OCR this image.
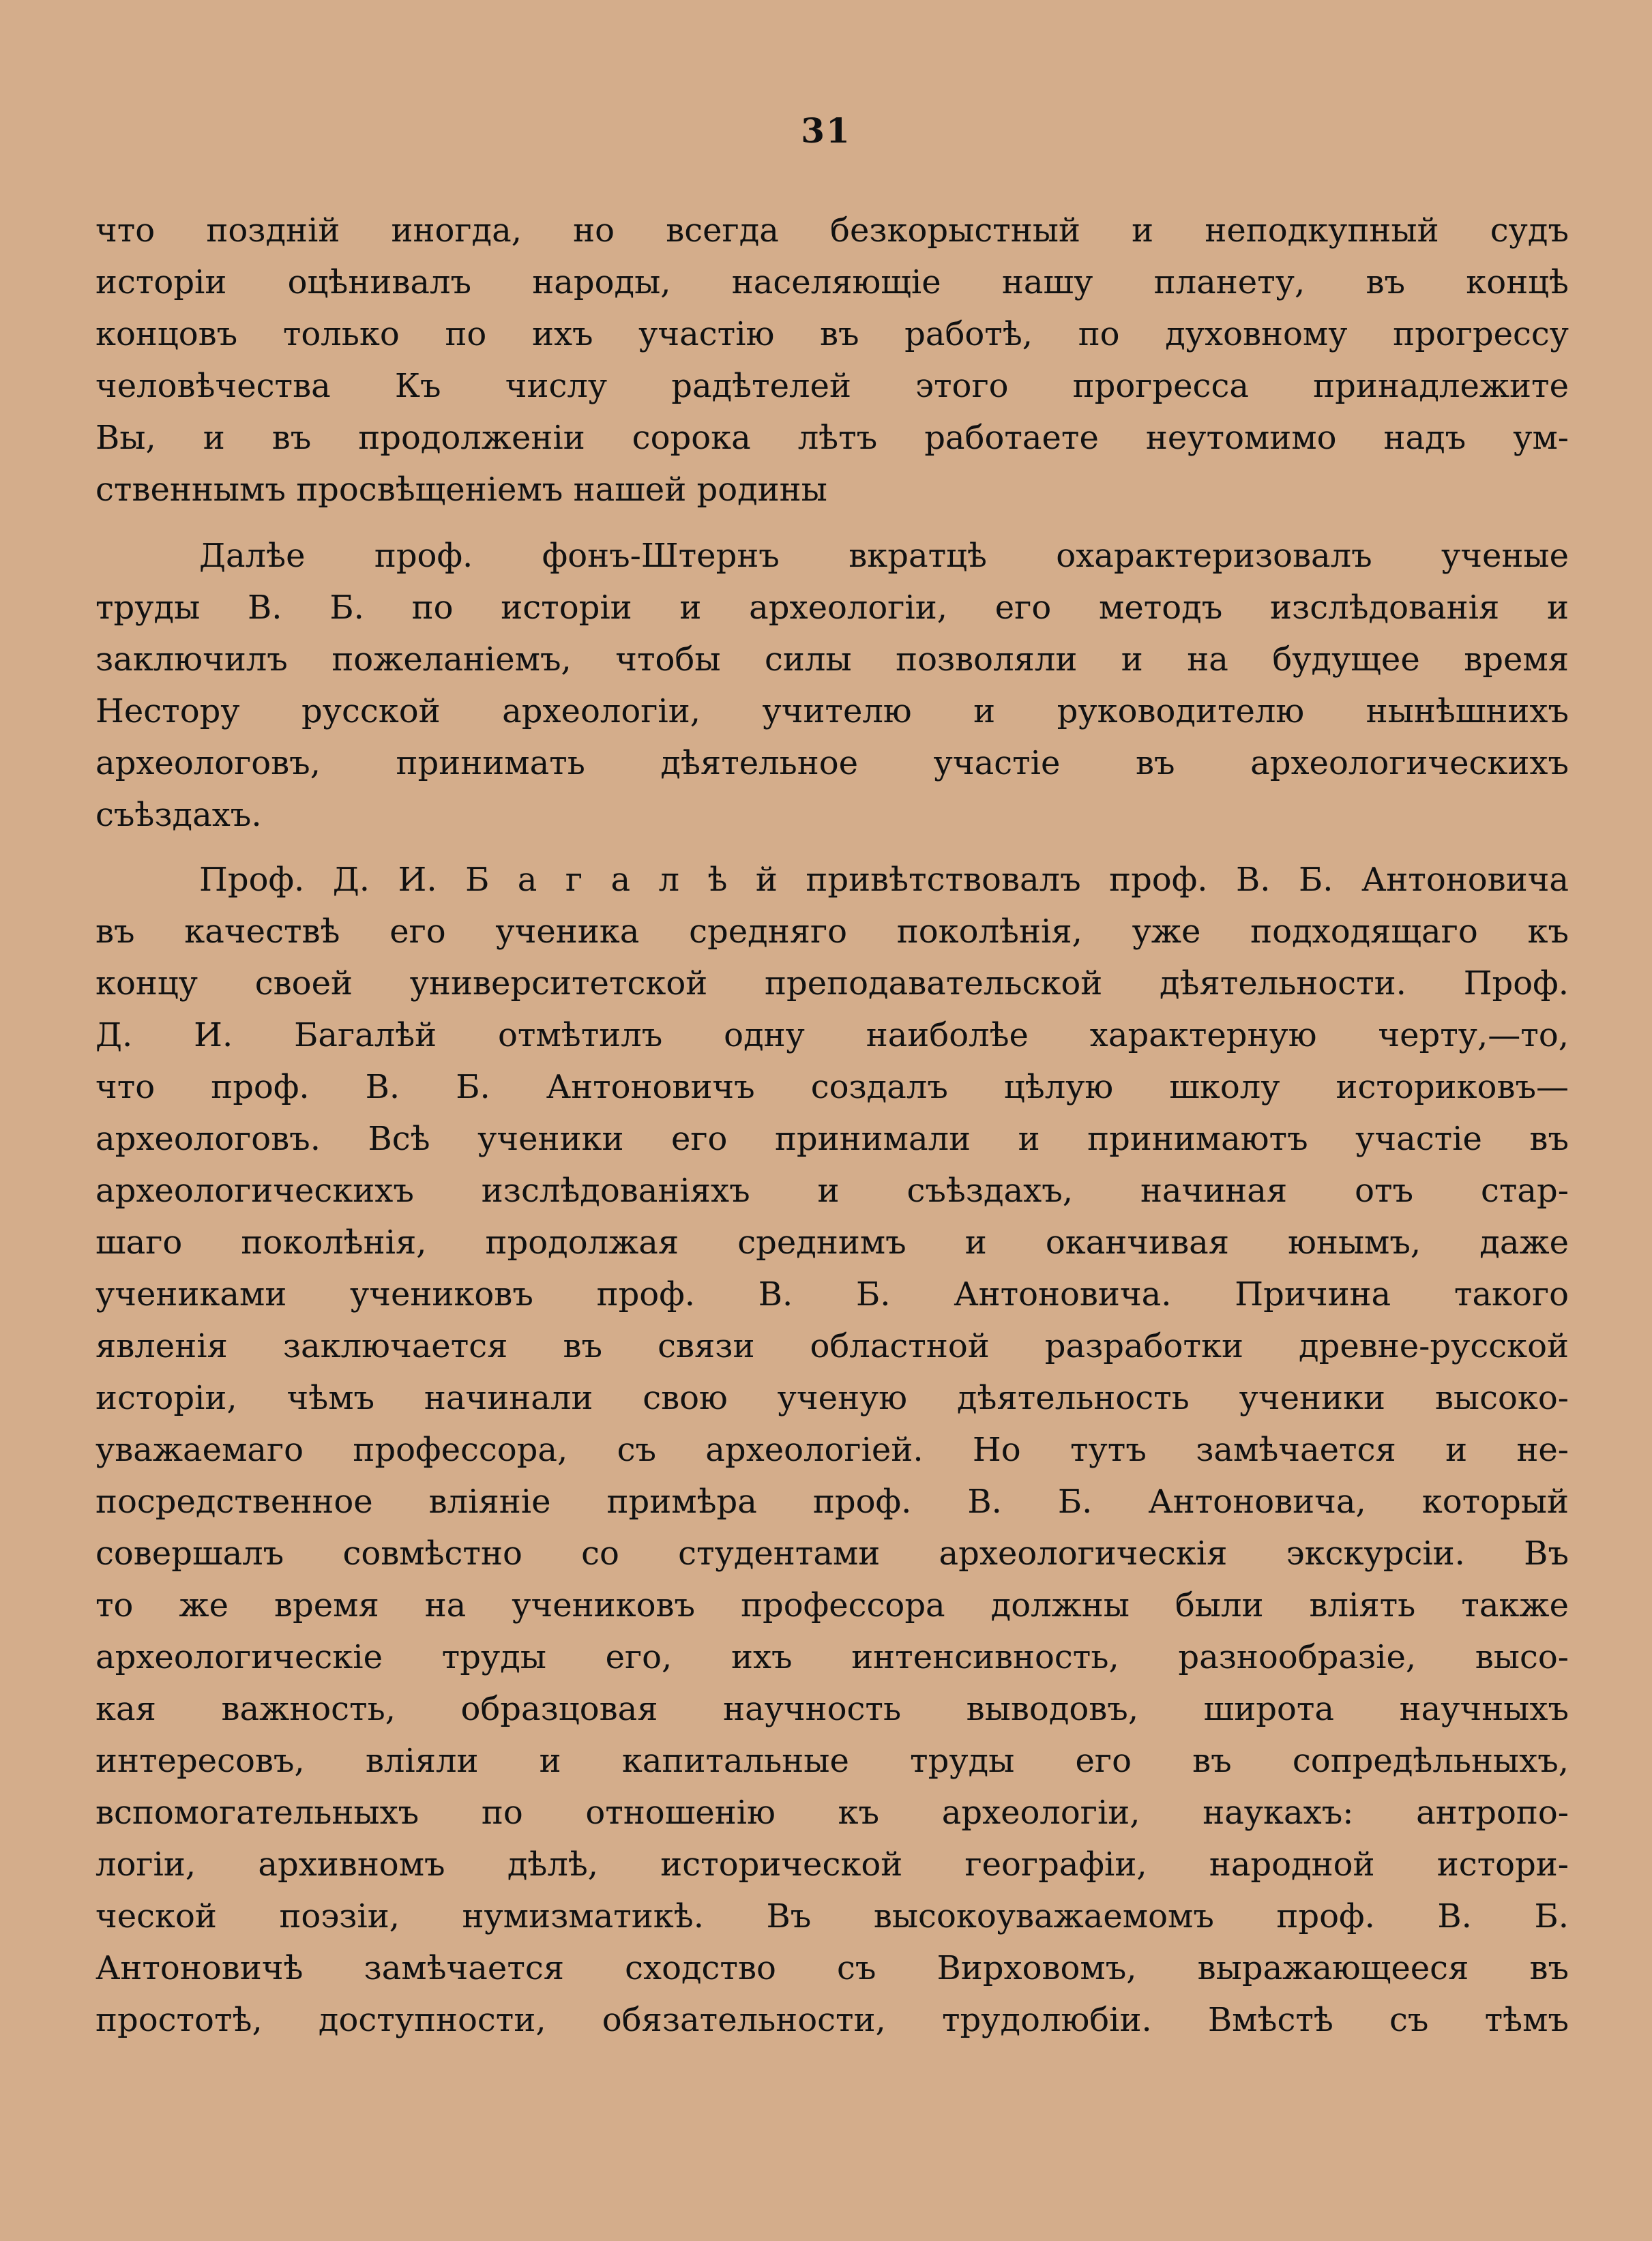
31
что поздній иногда, но всегда безкорыстный и неподкупный судъ
исторіи оцѣнивалъ народы, населяющіе нашу планету, въ концѣ
концовъ только по ихъ участію въ работѣ, по духовному прогрессу
человѣчества Къ числу радѣтелей этого прогресса принадлежите
Вы, и въ продолженіи сорока лѣтъ работаете неутомимо надъ ум-
ственнымъ просвѣщеніемъ нашей родины
Далѣе проф. фонъ-Штернъ вкратцѣ охарактеризовалъ ученые
труды В. Б. по исторіи и археологіи, его методъ изслѣдованія и
заключилъ пожеланіемъ, чтобы силы позволяли и на будущее время
Нестору русской археологіи, учителю и руководителю нынѣшнихъ
археологовъ, принимать дѣятельное участіе въ археологическихъ
съѣздахъ.
Проф. Д. И. Б а г а л ѣ й привѣтствовалъ проф. В. Б. Антоновича
въ качествѣ его ученика средняго поколѣнія, уже подходящаго къ
концу своей университетской преподавательской дѣятельности. Проф.
Д. И. Багалѣй отмѣтилъ одну наиболѣе характерную черту,—то,
что проф. В. Б. Антоновичъ создалъ цѣлую школу историковъ—
археологовъ. Всѣ ученики его принимали и принимаютъ участіе въ
археологическихъ изслѣдованіяхъ и съѣздахъ, начиная отъ стар-
шаго поколѣнія, продолжая среднимъ и оканчивая юнымъ, даже
учениками учениковъ проф. В. Б. Антоновича. Причина такого
явленія заключается въ связи областной разработки древне-русской
исторіи, чѣмъ начинали свою ученую дѣятельность ученики высоко-
уважаемаго профессора, съ археологіей. Но тутъ замѣчается и не-
посредственное вліяніе примѣра проф. В. Б. Антоновича, который
совершалъ совмѣстно со студентами археологическія экскурсіи. Въ
то же время на учениковъ профессора должны были вліять также
археологическіе труды его, ихъ интенсивность, разнообразіе, высо-
кая важность, образцовая научность выводовъ, широта научныхъ
интересовъ, вліяли и капитальные труды его въ сопредѣльныхъ,
вспомогательныхъ по отношенію къ археологіи, наукахъ: антропо-
логіи, архивномъ дѣлѣ, исторической географіи, народной истори-
ческой поэзіи, нумизматикѣ. Въ высокоуважаемомъ проф. В. Б.
Антоновичѣ замѣчается сходство съ Вирховомъ, выражающееся въ
простотѣ, доступности, обязательности, трудолюбіи. Вмѣстѣ съ тѣмъ
